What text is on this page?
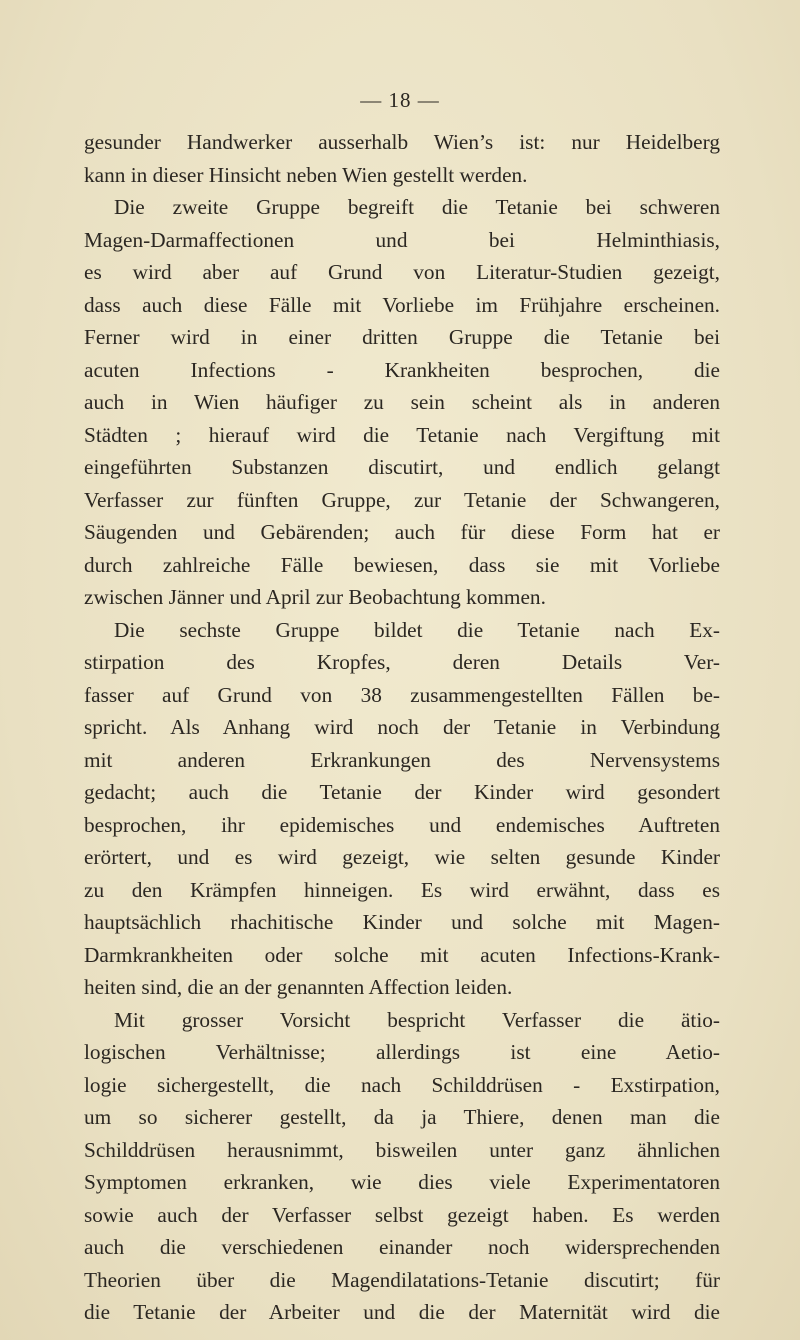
— 18 —
gesunder Handwerker ausserhalb Wien’s ist: nur Heidelberg
kann in dieser Hinsicht neben Wien gestellt werden.
Die zweite Gruppe begreift die Tetanie bei schweren
Magen-Darmaffectionen und bei Helminthiasis,
es wird aber auf Grund von Literatur-Studien gezeigt,
dass auch diese Fälle mit Vorliebe im Frühjahre erscheinen.
Ferner wird in einer dritten Gruppe die Tetanie bei
acuten Infections - Krankheiten besprochen, die
auch in Wien häufiger zu sein scheint als in anderen
Städten ; hierauf wird die Tetanie nach Vergiftung mit
eingeführten Substanzen discutirt, und endlich gelangt
Verfasser zur fünften Gruppe, zur Tetanie der Schwangeren,
Säugenden und Gebärenden; auch für diese Form hat er
durch zahlreiche Fälle bewiesen, dass sie mit Vorliebe
zwischen Jänner und April zur Beobachtung kommen.
Die sechste Gruppe bildet die Tetanie nach Ex-
stirpation des Kropfes, deren Details Ver-
fasser auf Grund von 38 zusammengestellten Fällen be-
spricht. Als Anhang wird noch der Tetanie in Verbindung
mit anderen Erkrankungen des Nervensystems
gedacht; auch die Tetanie der Kinder wird gesondert
besprochen, ihr epidemisches und endemisches Auftreten
erörtert, und es wird gezeigt, wie selten gesunde Kinder
zu den Krämpfen hinneigen. Es wird erwähnt, dass es
hauptsächlich rhachitische Kinder und solche mit Magen-
Darmkrankheiten oder solche mit acuten Infections-Krank-
heiten sind, die an der genannten Affection leiden.
Mit grosser Vorsicht bespricht Verfasser die ätio-
logischen Verhältnisse; allerdings ist eine Aetio-
logie sichergestellt, die nach Schilddrüsen - Exstirpation,
um so sicherer gestellt, da ja Thiere, denen man die
Schilddrüsen herausnimmt, bisweilen unter ganz ähnlichen
Symptomen erkranken, wie dies viele Experimentatoren
sowie auch der Verfasser selbst gezeigt haben. Es werden
auch die verschiedenen einander noch widersprechenden
Theorien über die Magendilatations-Tetanie discutirt; für
die Tetanie der Arbeiter und die der Maternität wird die
